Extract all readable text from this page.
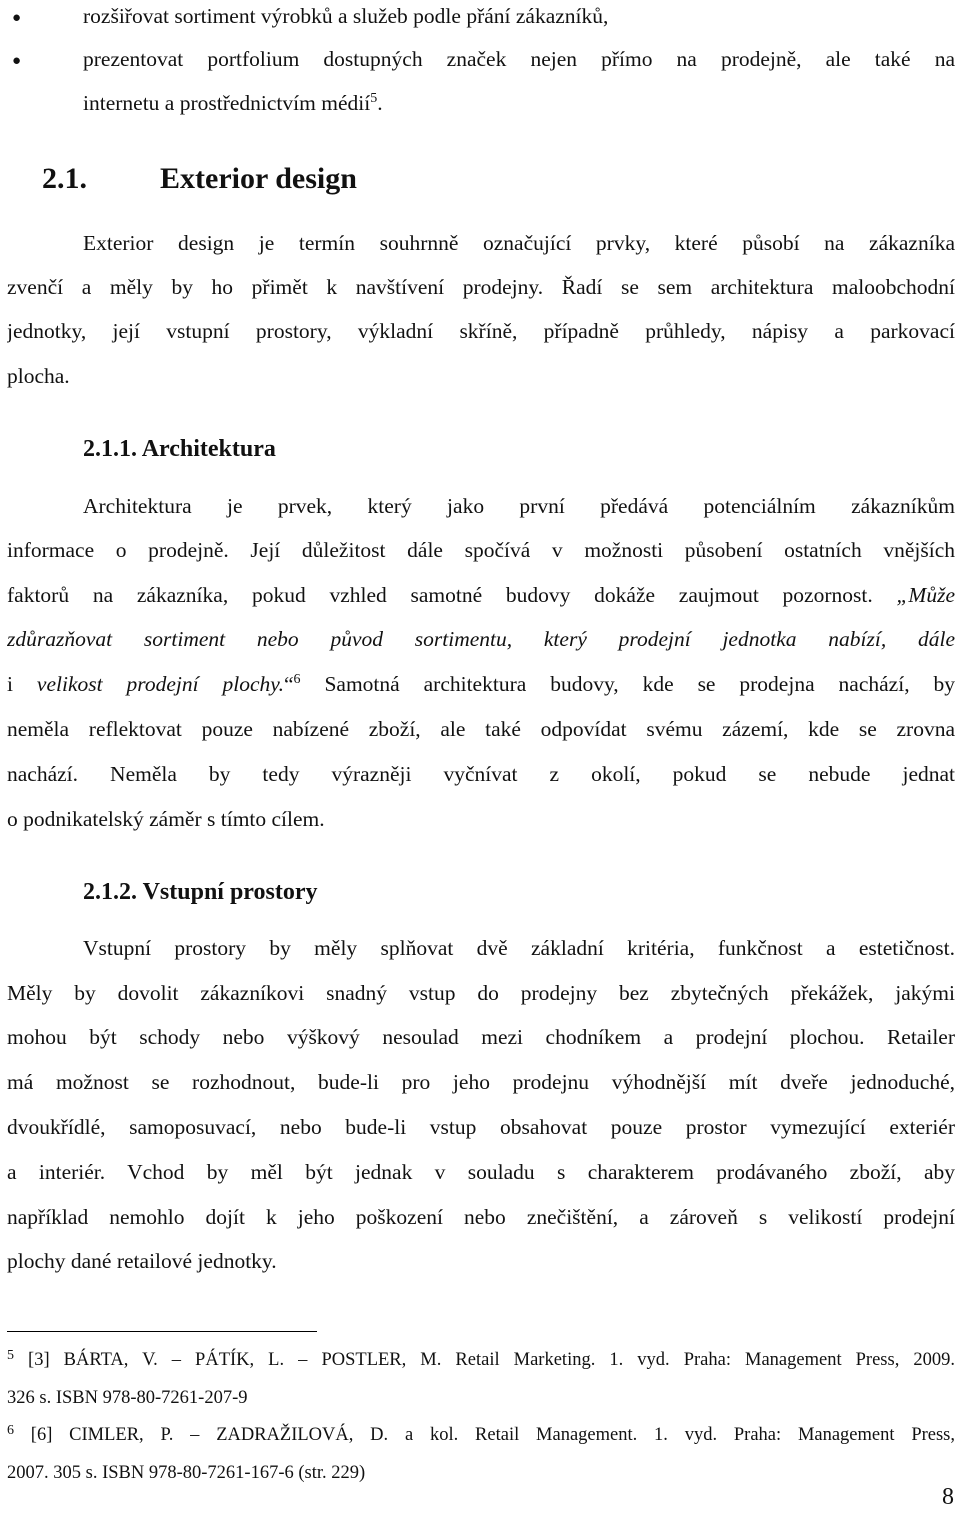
●	rozšiřovat sortiment výrobků a služeb podle přání zákazníků,
●	prezentovat portfolium dostupných značek nejen přímo na prodejně, ale také na
internetu a prostřednictvím médií$^5$.
2.1. Exterior design
Exterior design je termín souhrnně označující prvky, které působí na zákazníka
zvenčí a měly by ho přimět k navštívení prodejny. Řadí se sem architektura maloobchodní
jednotky, její vstupní prostory, výkladní skříně, případně průhledy, nápisy a parkovací
plocha.
2.1.1. Architektura
Architektura je prvek, který jako první předává potenciálním zákazníkům
informace o prodejně. Její důležitost dále spočívá v možnosti působení ostatních vnějších
faktorů na zákazníka, pokud vzhled samotné budovy dokáže zaujmout pozornost. „Může
zdůrazňovat sortiment nebo původ sortimentu, který prodejní jednotka nabízí, dále
i velikost prodejní plochy.“$^6$ Samotná architektura budovy, kde se prodejna nachází, by
neměla reflektovat pouze nabízené zboží, ale také odpovídat svému zázemí, kde se zrovna
nachází. Neměla by tedy výrazněji vyčnívat z okolí, pokud se nebude jednat
o podnikatelský záměr s tímto cílem.
2.1.2. Vstupní prostory
Vstupní prostory by měly splňovat dvě základní kritéria, funkčnost a estetičnost.
Měly by dovolit zákazníkovi snadný vstup do prodejny bez zbytečných překážek, jakými
mohou být schody nebo výškový nesoulad mezi chodníkem a prodejní plochou. Retailer
má možnost se rozhodnout, bude-li pro jeho prodejnu výhodnější mít dveře jednoduché,
dvoukřídlé, samoposuvací, nebo bude-li vstup obsahovat pouze prostor vymezující exteriér
a interiér. Vchod by měl být jednak v souladu s charakterem prodávaného zboží, aby
například nemohlo dojít k jeho poškození nebo znečištění, a zároveň s velikostí prodejní
plochy dané retailové jednotky.
$^5$ [3] BÁRTA, V. – PÁTÍK, L. – POSTLER, M. Retail Marketing. 1. vyd. Praha: Management Press, 2009.
326 s. ISBN 978-80-7261-207-9
$^6$ [6] CIMLER, P. – ZADRAŽILOVÁ, D. a kol. Retail Management. 1. vyd. Praha: Management Press,
2007. 305 s. ISBN 978-80-7261-167-6 (str. 229)
8
